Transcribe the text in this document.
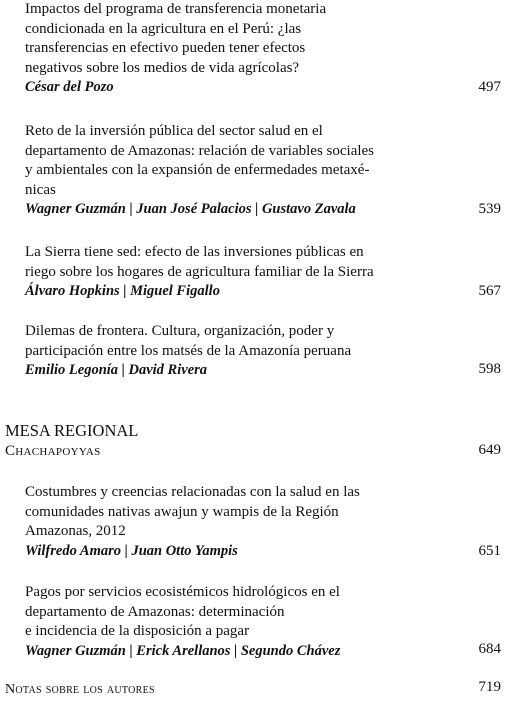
Impactos del programa de transferencia monetaria
condicionada en la agricultura en el Perú: ¿las
transferencias en efectivo pueden tener efectos
negativos sobre los medios de vida agrícolas?
César del Pozo	497
Reto de la inversión pública del sector salud en el
departamento de Amazonas: relación de variables sociales
y ambientales con la expansión de enfermedades metaxé-
nicas
Wagner Guzmán | Juan José Palacios | Gustavo Zavala	539
La Sierra tiene sed: efecto de las inversiones públicas en
riego sobre los hogares de agricultura familiar de la Sierra
Álvaro Hopkins | Miguel Figallo	567
Dilemas de frontera. Cultura, organización, poder y
participación entre los matsés de la Amazonía peruana
Emilio Legonía | David Rivera	598
MESA REGIONAL
Chachapoyyas	649
Costumbres y creencias relacionadas con la salud en las
comunidades nativas awajun y wampis de la Región
Amazonas, 2012
Wilfredo Amaro | Juan Otto Yampis	651
Pagos por servicios ecosistémicos hidrológicos en el
departamento de Amazonas: determinación
e incidencia de la disposición a pagar
Wagner Guzmán | Erick Arellanos | Segundo Chávez	684
Notas sobre los autores	719
